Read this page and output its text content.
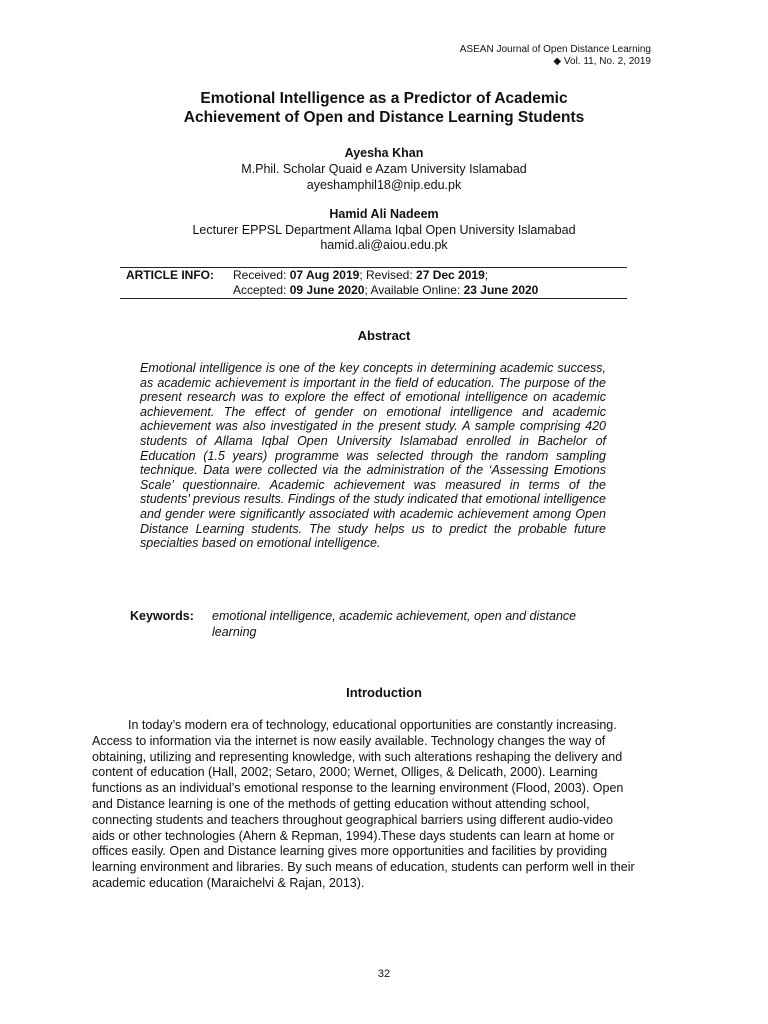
ASEAN Journal of Open Distance Learning
◆ Vol. 11, No. 2, 2019
Emotional Intelligence as a Predictor of Academic
Achievement of Open and Distance Learning Students
Ayesha Khan
M.Phil. Scholar Quaid e Azam University Islamabad
ayeshamphil18@nip.edu.pk
Hamid Ali Nadeem
Lecturer EPPSL Department Allama Iqbal Open University Islamabad
hamid.ali@aiou.edu.pk
ARTICLE INFO: Received: 07 Aug 2019; Revised: 27 Dec 2019;
Accepted: 09 June 2020; Available Online: 23 June 2020
Abstract
Emotional intelligence is one of the key concepts in determining academic success, as academic achievement is important in the field of education. The purpose of the present research was to explore the effect of emotional intelligence on academic achievement. The effect of gender on emotional intelligence and academic achievement was also investigated in the present study. A sample comprising 420 students of Allama Iqbal Open University Islamabad enrolled in Bachelor of Education (1.5 years) programme was selected through the random sampling technique. Data were collected via the administration of the ‘Assessing Emotions Scale’ questionnaire. Academic achievement was measured in terms of the students’ previous results. Findings of the study indicated that emotional intelligence and gender were significantly associated with academic achievement among Open Distance Learning students. The study helps us to predict the probable future specialties based on emotional intelligence.
Keywords: emotional intelligence, academic achievement, open and distance learning
Introduction
In today’s modern era of technology, educational opportunities are constantly increasing. Access to information via the internet is now easily available. Technology changes the way of obtaining, utilizing and representing knowledge, with such alterations reshaping the delivery and content of education (Hall, 2002; Setaro, 2000; Wernet, Olliges, & Delicath, 2000). Learning functions as an individual’s emotional response to the learning environment (Flood, 2003). Open and Distance learning is one of the methods of getting education without attending school, connecting students and teachers throughout geographical barriers using different audio-video aids or other technologies (Ahern & Repman, 1994).These days students can learn at home or offices easily. Open and Distance learning gives more opportunities and facilities by providing learning environment and libraries. By such means of education, students can perform well in their academic education (Maraichelvi & Rajan, 2013).
32
